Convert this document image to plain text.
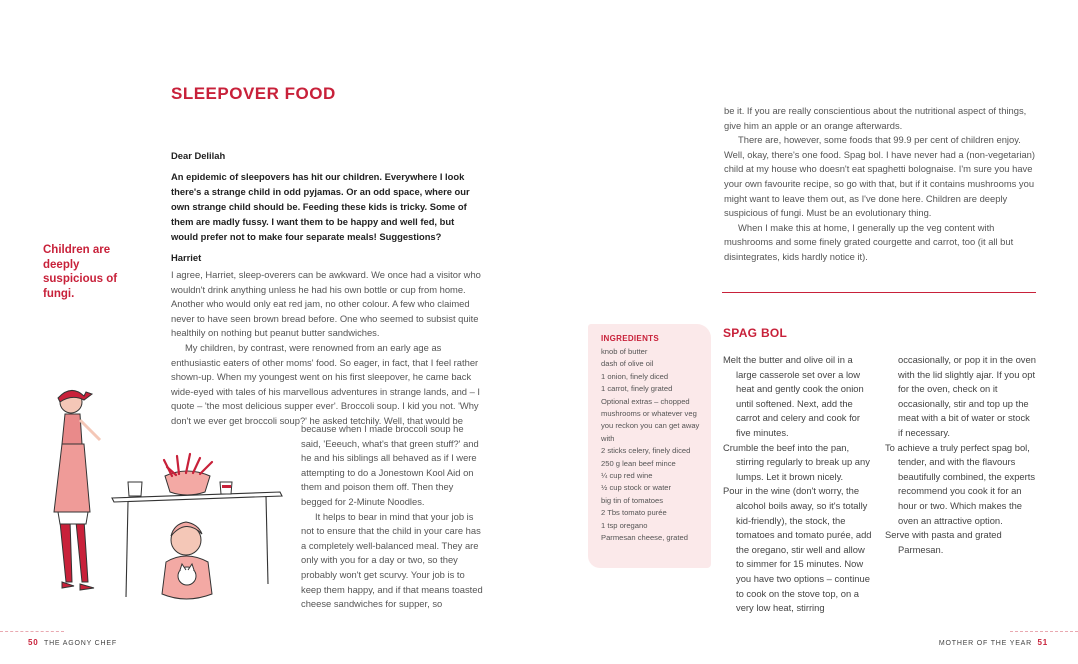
SLEEPOVER FOOD

Dear Delilah

An epidemic of sleepovers has hit our children. Everywhere I look there's a strange child in odd pyjamas. Or an odd space, where our own strange child should be. Feeding these kids is tricky. Some of them are madly fussy. I want them to be happy and well fed, but would prefer not to make four separate meals! Suggestions?

Harriet

Children are deeply suspicious of fungi.

I agree, Harriet, sleep-overers can be awkward. We once had a visitor who wouldn't drink anything unless he had his own bottle or cup from home. Another who would only eat red jam, no other colour. A few who claimed never to have seen brown bread before. One who seemed to subsist quite healthily on nothing but peanut butter sandwiches.

My children, by contrast, were renowned from an early age as enthusiastic eaters of other moms' food. So eager, in fact, that I feel rather shown-up. When my youngest went on his first sleepover, he came back wide-eyed with tales of his marvellous adventures in strange lands, and – I quote – 'the most delicious supper ever'. Broccoli soup. I kid you not. 'Why don't we ever get broccoli soup?' he asked tetchily. Well, that would be

because when I made broccoli soup he said, 'Eeeuch, what's that green stuff?' and he and his siblings all behaved as if I were attempting to do a Jonestown Kool Aid on them and poison them off. Then they begged for 2-Minute Noodles.

It helps to bear in mind that your job is not to ensure that the child in your care has a completely well-balanced meal. They are only with you for a day or two, so they probably won't get scurvy. Your job is to keep them happy, and if that means toasted cheese sandwiches for supper, so

be it. If you are really conscientious about the nutritional aspect of things, give him an apple or an orange afterwards.

There are, however, some foods that 99.9 per cent of children enjoy. Well, okay, there's one food. Spag bol. I have never had a (non-vegetarian) child at my house who doesn't eat spaghetti bolognaise. I'm sure you have your own favourite recipe, so go with that, but if it contains mushrooms you might want to leave them out, as I've done here. Children are deeply suspicious of fungi. Must be an evolutionary thing.

When I make this at home, I generally up the veg content with mushrooms and some finely grated courgette and carrot, too (it all but disintegrates, kids hardly notice it).

INGREDIENTS
knob of butter
dash of olive oil
1 onion, finely diced
1 carrot, finely grated
Optional extras – chopped mushrooms or whatever veg you reckon you can get away with
2 sticks celery, finely diced
250 g lean beef mince
¼ cup red wine
½ cup stock or water
big tin of tomatoes
2 Tbs tomato purée
1 tsp oregano
Parmesan cheese, grated
SPAG BOL
Melt the butter and olive oil in a large casserole set over a low heat and gently cook the onion until softened. Next, add the carrot and celery and cook for five minutes.
Crumble the beef into the pan, stirring regularly to break up any lumps. Let it brown nicely.
Pour in the wine (don't worry, the alcohol boils away, so it's totally kid-friendly), the stock, the tomatoes and tomato purée, add the oregano, stir well and allow to simmer for 15 minutes. Now you have two options – continue to cook on the stove top, on a very low heat, stirring
occasionally, or pop it in the oven with the lid slightly ajar. If you opt for the oven, check on it occasionally, stir and top up the meat with a bit of water or stock if necessary.
To achieve a truly perfect spag bol, tender, and with the flavours beautifully combined, the experts recommend you cook it for an hour or two. Which makes the oven an attractive option.
Serve with pasta and grated Parmesan.
50 THE AGONY CHEF	MOTHER OF THE YEAR 51
